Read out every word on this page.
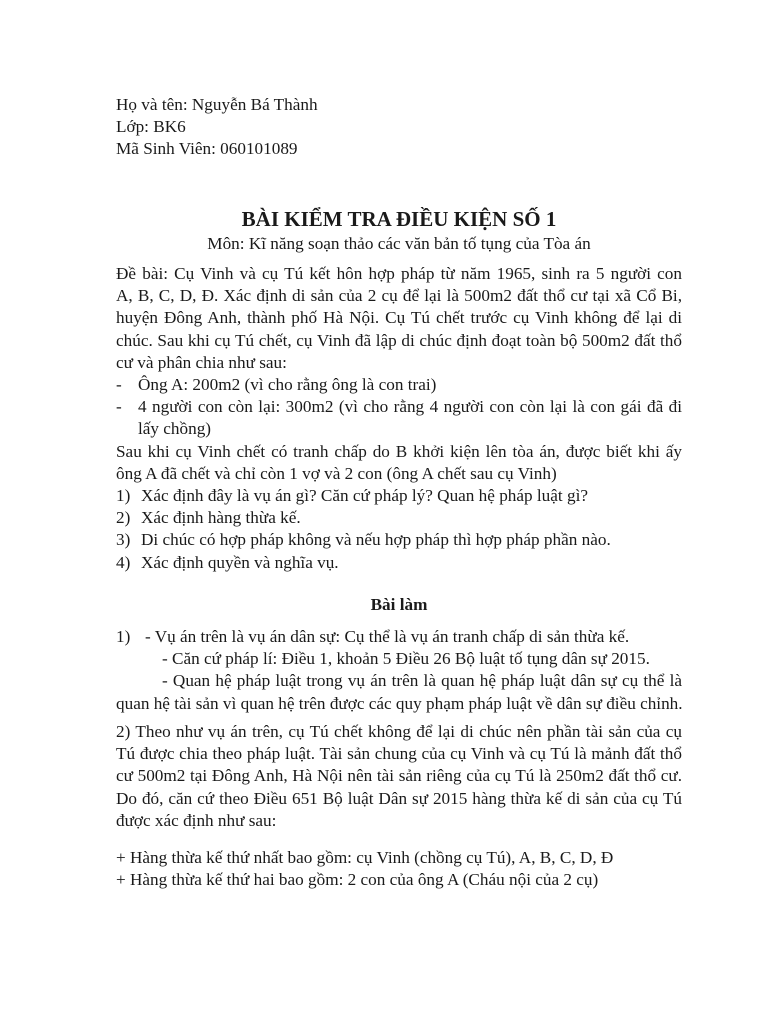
Họ và tên: Nguyễn Bá Thành
Lớp: BK6
Mã Sinh Viên: 060101089
BÀI KIỂM TRA ĐIỀU KIỆN SỐ 1
Môn: Kĩ năng soạn thảo các văn bản tố tụng của Tòa án
Đề bài: Cụ Vinh và cụ Tú kết hôn hợp pháp từ năm 1965, sinh ra 5 người con
A, B, C, D, Đ. Xác định di sản của 2 cụ để lại là 500m2 đất thổ cư tại xã Cổ Bi,
huyện Đông Anh, thành phố Hà Nội. Cụ Tú chết trước cụ Vinh không để lại di
chúc. Sau khi cụ Tú chết, cụ Vinh đã lập di chúc định đoạt toàn bộ 500m2 đất thổ
cư và phân chia như sau:
- Ông A: 200m2 (vì cho rằng ông là con trai)
- 4 người con còn lại: 300m2 (vì cho rằng 4 người con còn lại là con gái đã đi
lấy chồng)
Sau khi cụ Vinh chết có tranh chấp do B khởi kiện lên tòa án, được biết khi ấy
ông A đã chết và chỉ còn 1 vợ và 2 con (ông A chết sau cụ Vinh)
1) Xác định đây là vụ án gì? Căn cứ pháp lý? Quan hệ pháp luật gì?
2) Xác định hàng thừa kế.
3) Di chúc có hợp pháp không và nếu hợp pháp thì hợp pháp phần nào.
4) Xác định quyền và nghĩa vụ.
Bài làm
1) - Vụ án trên là vụ án dân sự: Cụ thể là vụ án tranh chấp di sản thừa kế.
- Căn cứ pháp lí: Điều 1, khoản 5 Điều 26 Bộ luật tố tụng dân sự 2015.
- Quan hệ pháp luật trong vụ án trên là quan hệ pháp luật dân sự cụ thể là
quan hệ tài sản vì quan hệ trên được các quy phạm pháp luật về dân sự điều chỉnh.
2) Theo như vụ án trên, cụ Tú chết không để lại di chúc nên phần tài sản của cụ
Tú được chia theo pháp luật. Tài sản chung của cụ Vinh và cụ Tú là mảnh đất thổ
cư 500m2 tại Đông Anh, Hà Nội nên tài sản riêng của cụ Tú là 250m2 đất thổ cư.
Do đó, căn cứ theo Điều 651 Bộ luật Dân sự 2015 hàng thừa kế di sản của cụ Tú
được xác định như sau:
+ Hàng thừa kế thứ nhất bao gồm: cụ Vinh (chồng cụ Tú), A, B, C, D, Đ
+ Hàng thừa kế thứ hai bao gồm: 2 con của ông A (Cháu nội của 2 cụ)
